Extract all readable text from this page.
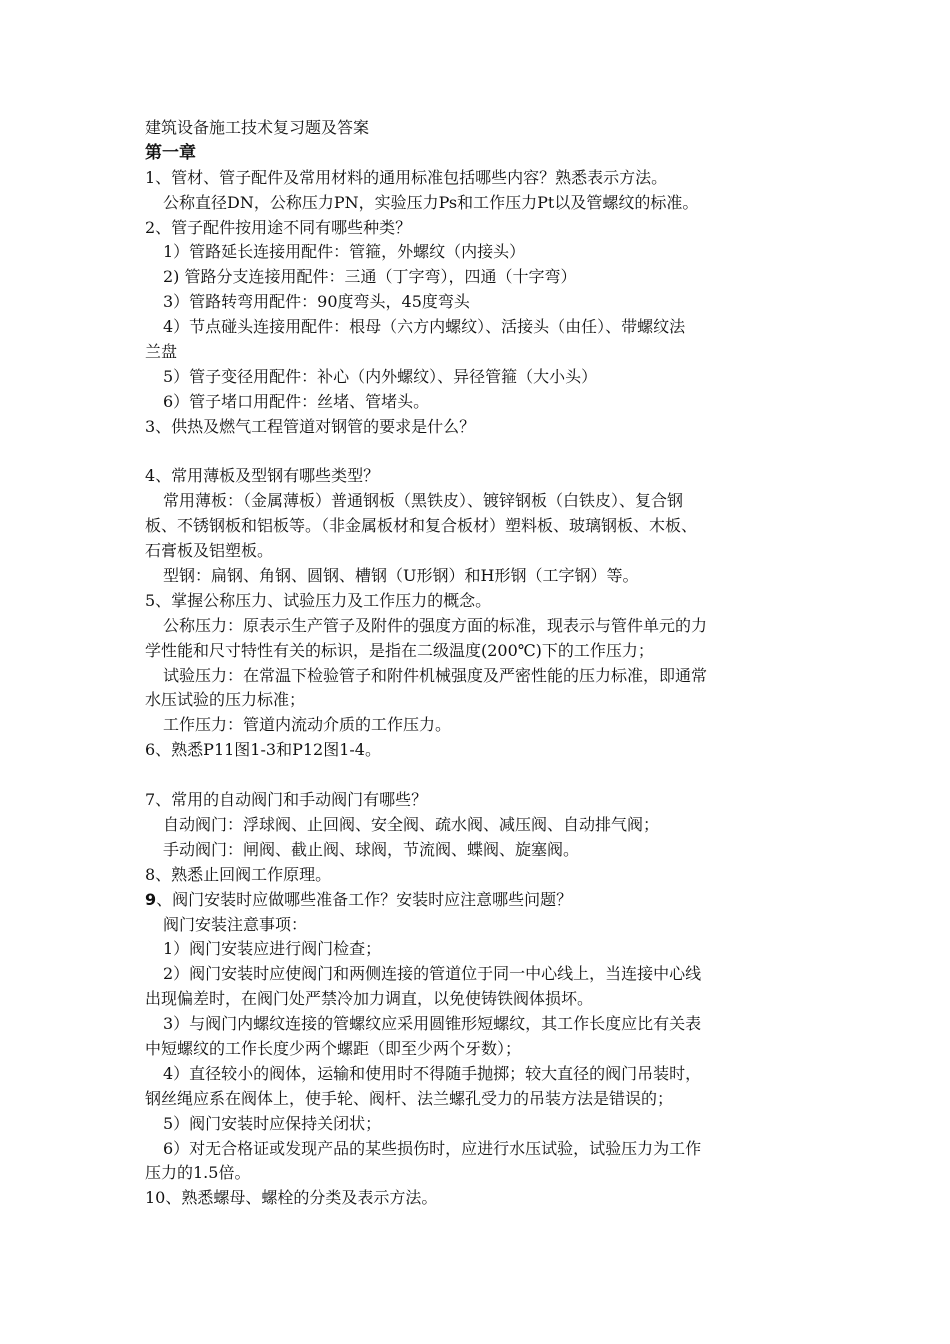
建筑设备施工技术复习题及答案
第一章
1、管材、管子配件及常用材料的通用标准包括哪些内容？熟悉表示方法。
公称直径DN，公称压力PN，实验压力Ps和工作压力Pt以及管螺纹的标准。
2、管子配件按用途不同有哪些种类？
1）管路延长连接用配件：管箍，外螺纹（内接头）
2) 管路分支连接用配件：三通（丁字弯），四通（十字弯）
3）管路转弯用配件：90度弯头，45度弯头
4）节点碰头连接用配件：根母（六方内螺纹）、活接头（由任）、带螺纹法
兰盘
5）管子变径用配件：补心（内外螺纹）、异径管箍（大小头）
6）管子堵口用配件：丝堵、管堵头。
3、供热及燃气工程管道对钢管的要求是什么？
4、常用薄板及型钢有哪些类型？
常用薄板：（金属薄板）普通钢板（黑铁皮）、镀锌钢板（白铁皮）、复合钢
板、不锈钢板和铝板等。（非金属板材和复合板材）塑料板、玻璃钢板、木板、
石膏板及铝塑板。
型钢：扁钢、角钢、圆钢、槽钢（U形钢）和H形钢（工字钢）等。
5、掌握公称压力、试验压力及工作压力的概念。
公称压力：原表示生产管子及附件的强度方面的标准，现表示与管件单元的力
学性能和尺寸特性有关的标识，是指在二级温度(200℃)下的工作压力；
试验压力：在常温下检验管子和附件机械强度及严密性能的压力标准，即通常
水压试验的压力标准；
工作压力：管道内流动介质的工作压力。
6、熟悉P11图1-3和P12图1-4。
7、常用的自动阀门和手动阀门有哪些？
自动阀门：浮球阀、止回阀、安全阀、疏水阀、减压阀、自动排气阀；
手动阀门：闸阀、截止阀、球阀，节流阀、蝶阀、旋塞阀。
8、熟悉止回阀工作原理。
9、阀门安装时应做哪些准备工作？安装时应注意哪些问题？
阀门安装注意事项：
1）阀门安装应进行阀门检查；
2）阀门安装时应使阀门和两侧连接的管道位于同一中心线上，当连接中心线
出现偏差时，在阀门处严禁冷加力调直，以免使铸铁阀体损坏。
3）与阀门内螺纹连接的管螺纹应采用圆锥形短螺纹，其工作长度应比有关表
中短螺纹的工作长度少两个螺距（即至少两个牙数）；
4）直径较小的阀体，运输和使用时不得随手抛掷；较大直径的阀门吊装时，
钢丝绳应系在阀体上，使手轮、阀杆、法兰螺孔受力的吊装方法是错误的；
5）阀门安装时应保持关闭状；
6）对无合格证或发现产品的某些损伤时，应进行水压试验，试验压力为工作
压力的1.5倍。
10、熟悉螺母、螺栓的分类及表示方法。
